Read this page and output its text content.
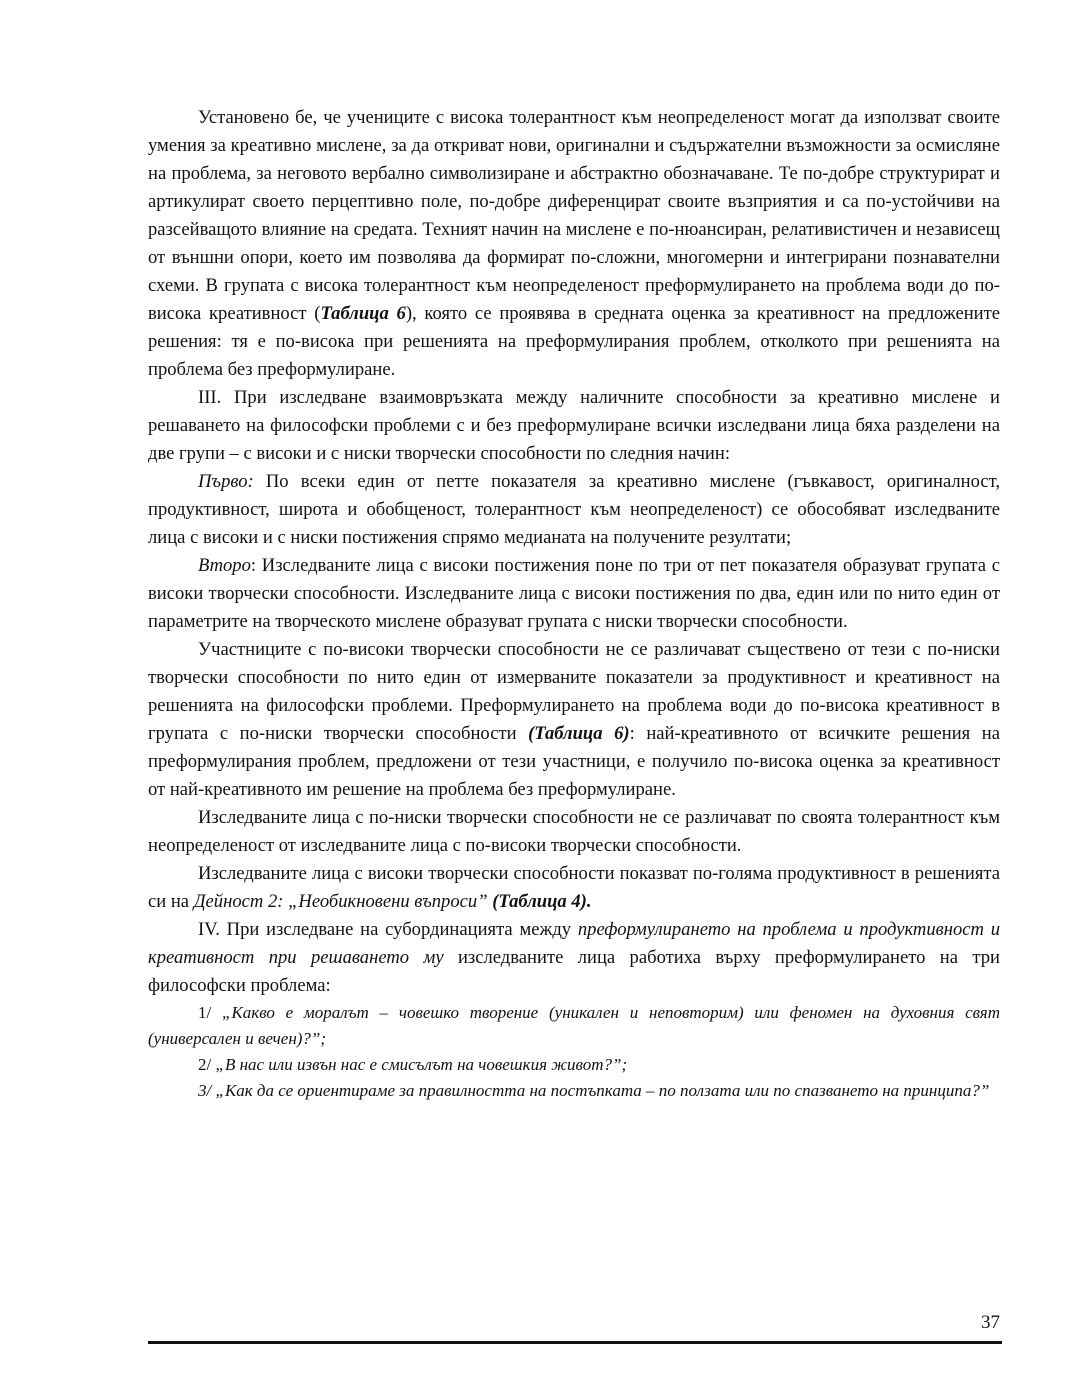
Установено бе, че учениците с висока толерантност към неопределеност могат да използват своите умения за креативно мислене, за да откриват нови, оригинални и съдържателни възможности за осмисляне на проблема, за неговото вербално символизиране и абстрактно обозначаване. Те по-добре структурират и артикулират своето перцептивно поле, по-добре диференцират своите възприятия и са по-устойчиви на разсейващото влияние на средата. Техният начин на мислене е по-нюансиран, релативистичен и независещ от външни опори, което им позволява да формират по-сложни, многомерни и интегрирани познавателни схеми. В групата с висока толерантност към неопределеност преформулирането на проблема води до по-висока креативност (Таблица 6), която се проявява в средната оценка за креативност на предложените решения: тя е по-висока при решенията на преформулирания проблем, отколкото при решенията на проблема без преформулиране.

III. При изследване взаимовръзката между наличните способности за креативно мислене и решаването на философски проблеми с и без преформулиране всички изследвани лица бяха разделени на две групи – с високи и с ниски творчески способности по следния начин:

Първо: По всеки един от петте показателя за креативно мислене (гъвкавост, оригиналност, продуктивност, широта и обобщеност, толерантност към неопределеност) се обособяват изследваните лица с високи и с ниски постижения спрямо медианата на получените резултати;

Второ: Изследваните лица с високи постижения поне по три от пет показателя образуват групата с високи творчески способности. Изследваните лица с високи постижения по два, един или по нито един от параметрите на творческото мислене образуват групата с ниски творчески способности.

Участниците с по-високи творчески способности не се различават съществено от тези с по-ниски творчески способности по нито един от измерваните показатели за продуктивност и креативност на решенията на философски проблеми. Преформулирането на проблема води до по-висока креативност в групата с по-ниски творчески способности (Таблица 6): най-креативното от всичките решения на преформулирания проблем, предложени от тези участници, е получило по-висока оценка за креативност от най-креативното им решение на проблема без преформулиране.

Изследваните лица с по-ниски творчески способности не се различават по своята толерантност към неопределеност от изследваните лица с по-високи творчески способности.

Изследваните лица с високи творчески способности показват по-голяма продуктивност в решенията си на Дейност 2: „Необикновени въпроси” (Таблица 4).

IV. При изследване на субординацията между преформулирането на проблема и продуктивност и креативност при решаването му изследваните лица работиха върху преформулирането на три философски проблема:

1/ „Какво е моралът – човешко творение (уникален и неповторим) или феномен на духовния свят (универсален и вечен)?”;

2/ „В нас или извън нас е смисълът на човешкия живот?”;

3/ „Как да се ориентираме за правилността на постъпката – по ползата или по спазването на принципа?”

37
